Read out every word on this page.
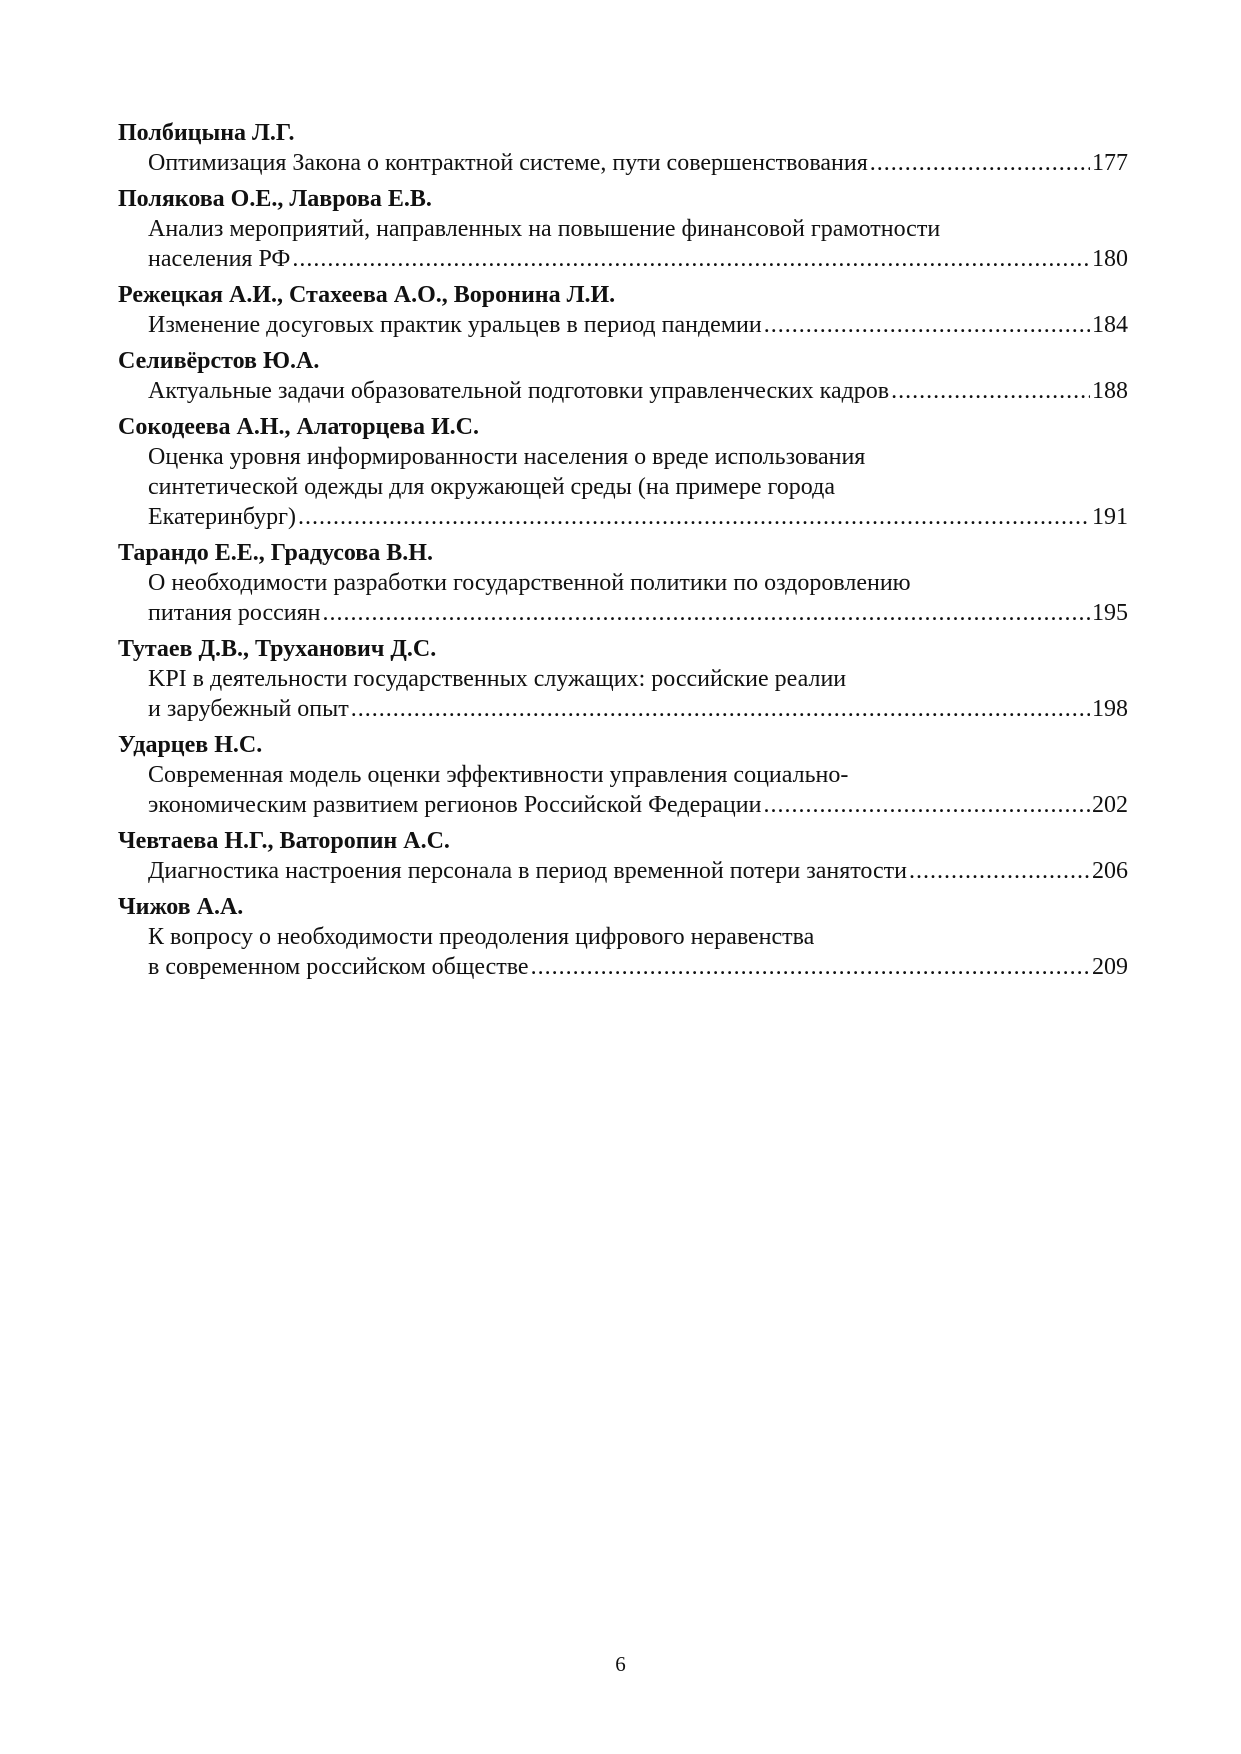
Полбицына Л.Г.
Оптимизация Закона о контрактной системе, пути совершенствования .....	177
Полякова О.Е., Лаврова Е.В.
Анализ мероприятий, направленных на повышение финансовой грамотности
населения РФ .....	180
Режецкая А.И., Стахеева А.О., Воронина Л.И.
Изменение досуговых практик уральцев в период пандемии .....	184
Селивёрстов Ю.А.
Актуальные задачи образовательной подготовки управленческих кадров .....	188
Сокодеева А.Н., Алаторцева И.С.
Оценка уровня информированности населения о вреде использования
синтетической одежды для окружающей среды (на примере города
Екатеринбург) .....	191
Тарандо Е.Е., Градусова В.Н.
О необходимости разработки государственной политики по оздоровлению
питания россиян .....	195
Тутаев Д.В., Труханович Д.С.
KPI в деятельности государственных служащих: российские реалии
и зарубежный опыт .....	198
Ударцев Н.С.
Современная модель оценки эффективности управления социально-
экономическим развитием регионов Российской Федерации .....	202
Чевтаева Н.Г., Ваторопин А.С.
Диагностика настроения персонала в период временной потери занятости .....	206
Чижов А.А.
К вопросу о необходимости преодоления цифрового неравенства
в современном российском обществе .....	209
6
